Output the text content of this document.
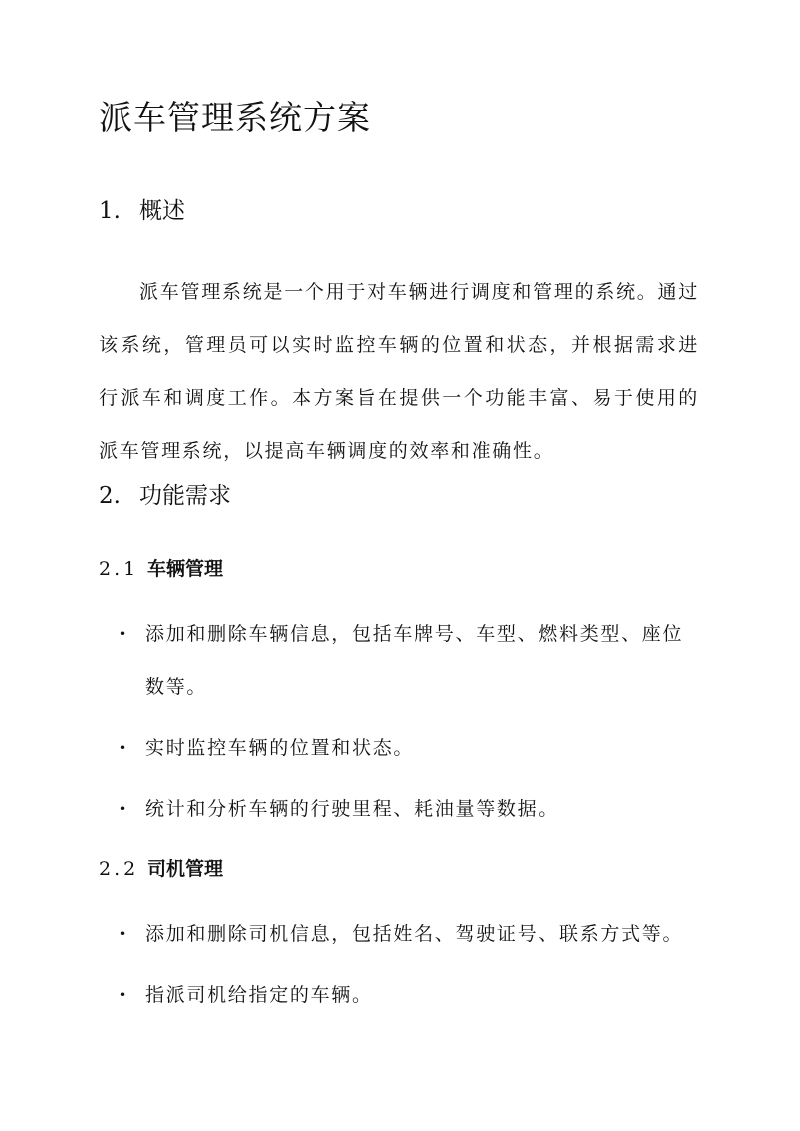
派车管理系统方案
1. 概述

派车管理系统是一个用于对车辆进行调度和管理的系统。通过该系统，管理员可以实时监控车辆的位置和状态，并根据需求进行派车和调度工作。本方案旨在提供一个功能丰富、易于使用的派车管理系统，以提高车辆调度的效率和准确性。

2. 功能需求
2.1 车辆管理
• 添加和删除车辆信息，包括车牌号、车型、燃料类型、座位数等。
• 实时监控车辆的位置和状态。
• 统计和分析车辆的行驶里程、耗油量等数据。
2.2 司机管理
• 添加和删除司机信息，包括姓名、驾驶证号、联系方式等。
• 指派司机给指定的车辆。
